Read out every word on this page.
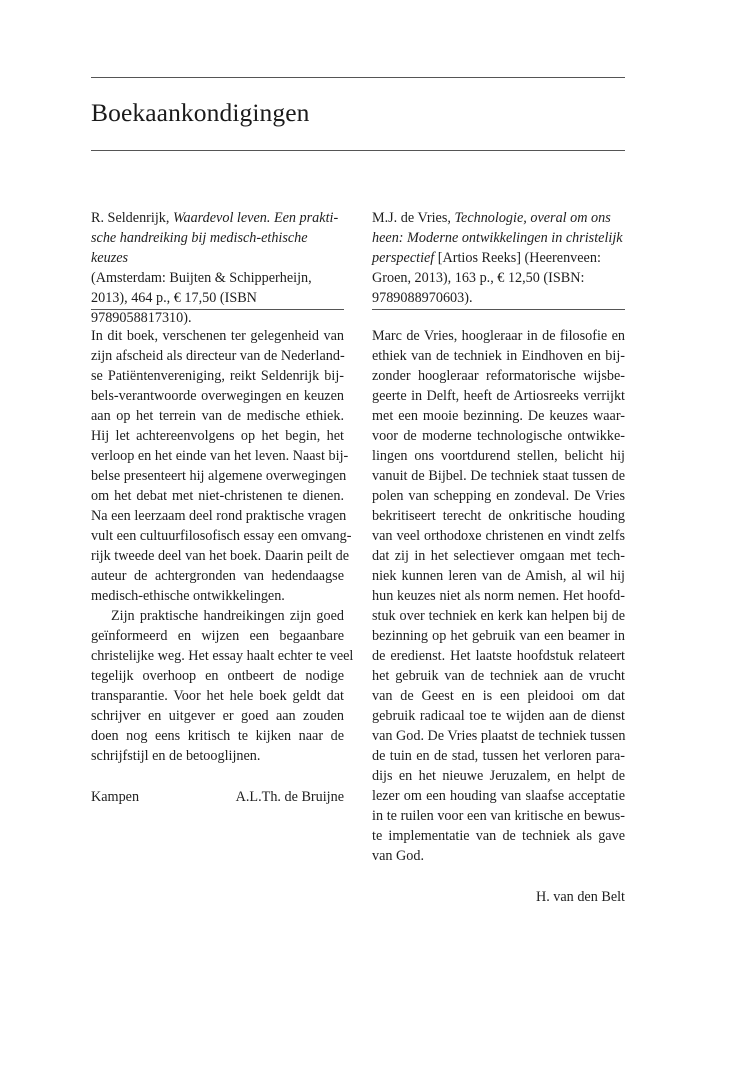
Boekaankondigingen
R. Seldenrijk, Waardevol leven. Een prakti-
sche handreiking bij medisch-ethische keuzes
(Amsterdam: Buijten & Schipperheijn,
2013), 464 p., € 17,50 (ISBN
9789058817310).

In dit boek, verschenen ter gelegenheid van
zijn afscheid als directeur van de Nederland-
se Patiëntenvereniging, reikt Seldenrijk bij-
bels-verantwoorde overwegingen en keuzen
aan op het terrein van de medische ethiek.
Hij let achtereenvolgens op het begin, het
verloop en het einde van het leven. Naast bij-
belse presenteert hij algemene overwegingen
om het debat met niet-christenen te dienen.
Na een leerzaam deel rond praktische vragen
vult een cultuurfilosofisch essay een omvang-
rijk tweede deel van het boek. Daarin peilt de
auteur de achtergronden van hedendaagse
medisch-ethische ontwikkelingen.

Zijn praktische handreikingen zijn goed
geïnformeerd en wijzen een begaanbare
christelijke weg. Het essay haalt echter te veel
tegelijk overhoop en ontbeert de nodige
transparantie. Voor het hele boek geldt dat
schrijver en uitgever er goed aan zouden
doen nog eens kritisch te kijken naar de
schrijfstijl en de betooglijnen.

Kampen	A.L.Th. de Bruijne
M.J. de Vries, Technologie, overal om ons
heen: Moderne ontwikkelingen in christelijk
perspectief [Artios Reeks] (Heerenveen:
Groen, 2013), 163 p., € 12,50 (ISBN:
9789088970603).

Marc de Vries, hoogleraar in de filosofie en
ethiek van de techniek in Eindhoven en bij-
zonder hoogleraar reformatorische wijsbe-
geerte in Delft, heeft de Artiosreeks verrijkt
met een mooie bezinning. De keuzes waar-
voor de moderne technologische ontwikke-
lingen ons voortdurend stellen, belicht hij
vanuit de Bijbel. De techniek staat tussen de
polen van schepping en zondeval. De Vries
bekritiseert terecht de onkritische houding
van veel orthodoxe christenen en vindt zelfs
dat zij in het selectiever omgaan met tech-
niek kunnen leren van de Amish, al wil hij
hun keuzes niet als norm nemen. Het hoofd-
stuk over techniek en kerk kan helpen bij de
bezinning op het gebruik van een beamer in
de eredienst. Het laatste hoofdstuk relateert
het gebruik van de techniek aan de vrucht
van de Geest en is een pleidooi om dat
gebruik radicaal toe te wijden aan de dienst
van God. De Vries plaatst de techniek tussen
de tuin en de stad, tussen het verloren para-
dijs en het nieuwe Jeruzalem, en helpt de
lezer om een houding van slaafse acceptatie
in te ruilen voor een van kritische en bewus-
te implementatie van de techniek als gave
van God.

H. van den Belt
